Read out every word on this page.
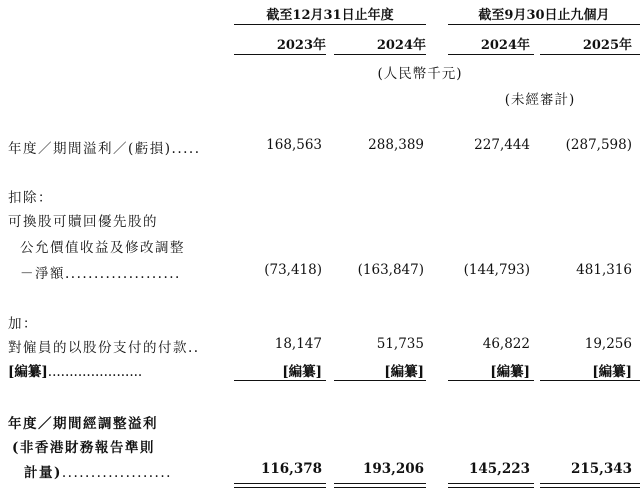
截至12月31日止年度	截至9月30日止九個月
2023年	2024年	2024年	2025年
(人民幣千元)
(未經審計)
年度／期間溢利／(虧損).....	168,563	288,389	227,444	(287,598)
扣除：
可換股可贖回優先股的
公允價值收益及修改調整
－淨額....................	(73,418)	(163,847)	(144,793)	481,316
加：
對僱員的以股份支付的付款..	18,147	51,735	46,822	19,256
[編纂]......................	[編纂]	[編纂]	[編纂]	[編纂]
年度／期間經調整溢利
(非香港財務報告準則
計量)...................	116,378	193,206	145,223	215,343
